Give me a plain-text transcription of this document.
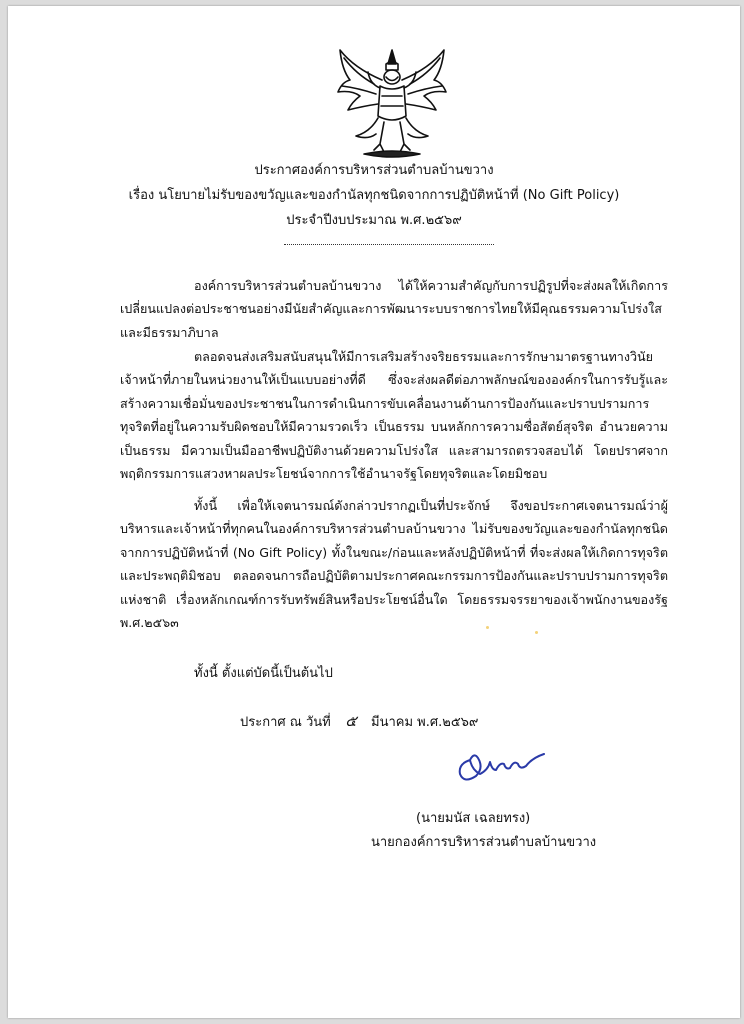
ประกาศองค์การบริหารส่วนตำบลบ้านขวาง
เรื่อง นโยบายไม่รับของขวัญและของกำนัลทุกชนิดจากการปฏิบัติหน้าที่ (No Gift Policy)
ประจำปีงบประมาณ พ.ศ.๒๕๖๙
องค์การบริหารส่วนตำบลบ้านขวาง ได้ให้ความสำคัญกับการปฏิรูปที่จะส่งผลให้เกิดการเปลี่ยนแปลงต่อประชาชนอย่างมีนัยสำคัญและการพัฒนาระบบราชการไทยให้มีคุณธรรมความโปร่งใสและมีธรรมาภิบาล
ตลอดจนส่งเสริมสนับสนุนให้มีการเสริมสร้างจริยธรรมและการรักษามาตรฐานทางวินัยเจ้าหน้าที่ภายในหน่วยงานให้เป็นแบบอย่างที่ดี ซึ่งจะส่งผลดีต่อภาพลักษณ์ขององค์กรในการรับรู้และสร้างความเชื่อมั่นของประชาชนในการดำเนินการขับเคลื่อนงานด้านการป้องกันและปราบปรามการทุจริตที่อยู่ในความรับผิดชอบให้มีความรวดเร็ว เป็นธรรม บนหลักการความซื่อสัตย์สุจริต อำนวยความเป็นธรรม มีความเป็นมืออาชีพปฏิบัติงานด้วยความโปร่งใส และสามารถตรวจสอบได้ โดยปราศจากพฤติกรรมการแสวงหาผลประโยชน์จากการใช้อำนาจรัฐโดยทุจริตและโดยมิชอบ
ทั้งนี้ เพื่อให้เจตนารมณ์ดังกล่าวปรากฏเป็นที่ประจักษ์ จึงขอประกาศเจตนารมณ์ว่าผู้บริหารและเจ้าหน้าที่ทุกคนในองค์การบริหารส่วนตำบลบ้านขวาง ไม่รับของขวัญและของกำนัลทุกชนิดจากการปฏิบัติหน้าที่ (No Gift Policy) ทั้งในขณะ/ก่อนและหลังปฏิบัติหน้าที่ ที่จะส่งผลให้เกิดการทุจริตและประพฤติมิชอบ ตลอดจนการถือปฏิบัติตามประกาศคณะกรรมการป้องกันและปราบปรามการทุจริตแห่งชาติ เรื่องหลักเกณฑ์การรับทรัพย์สินหรือประโยชน์อื่นใด โดยธรรมจรรยาของเจ้าพนักงานของรัฐ พ.ศ.๒๕๖๓
ทั้งนี้ ตั้งแต่บัดนี้เป็นต้นไป
ประกาศ ณ วันที่ ๕ มีนาคม พ.ศ.๒๕๖๙
(นายมนัส เฉลยทรง)
นายกองค์การบริหารส่วนตำบลบ้านขวาง
